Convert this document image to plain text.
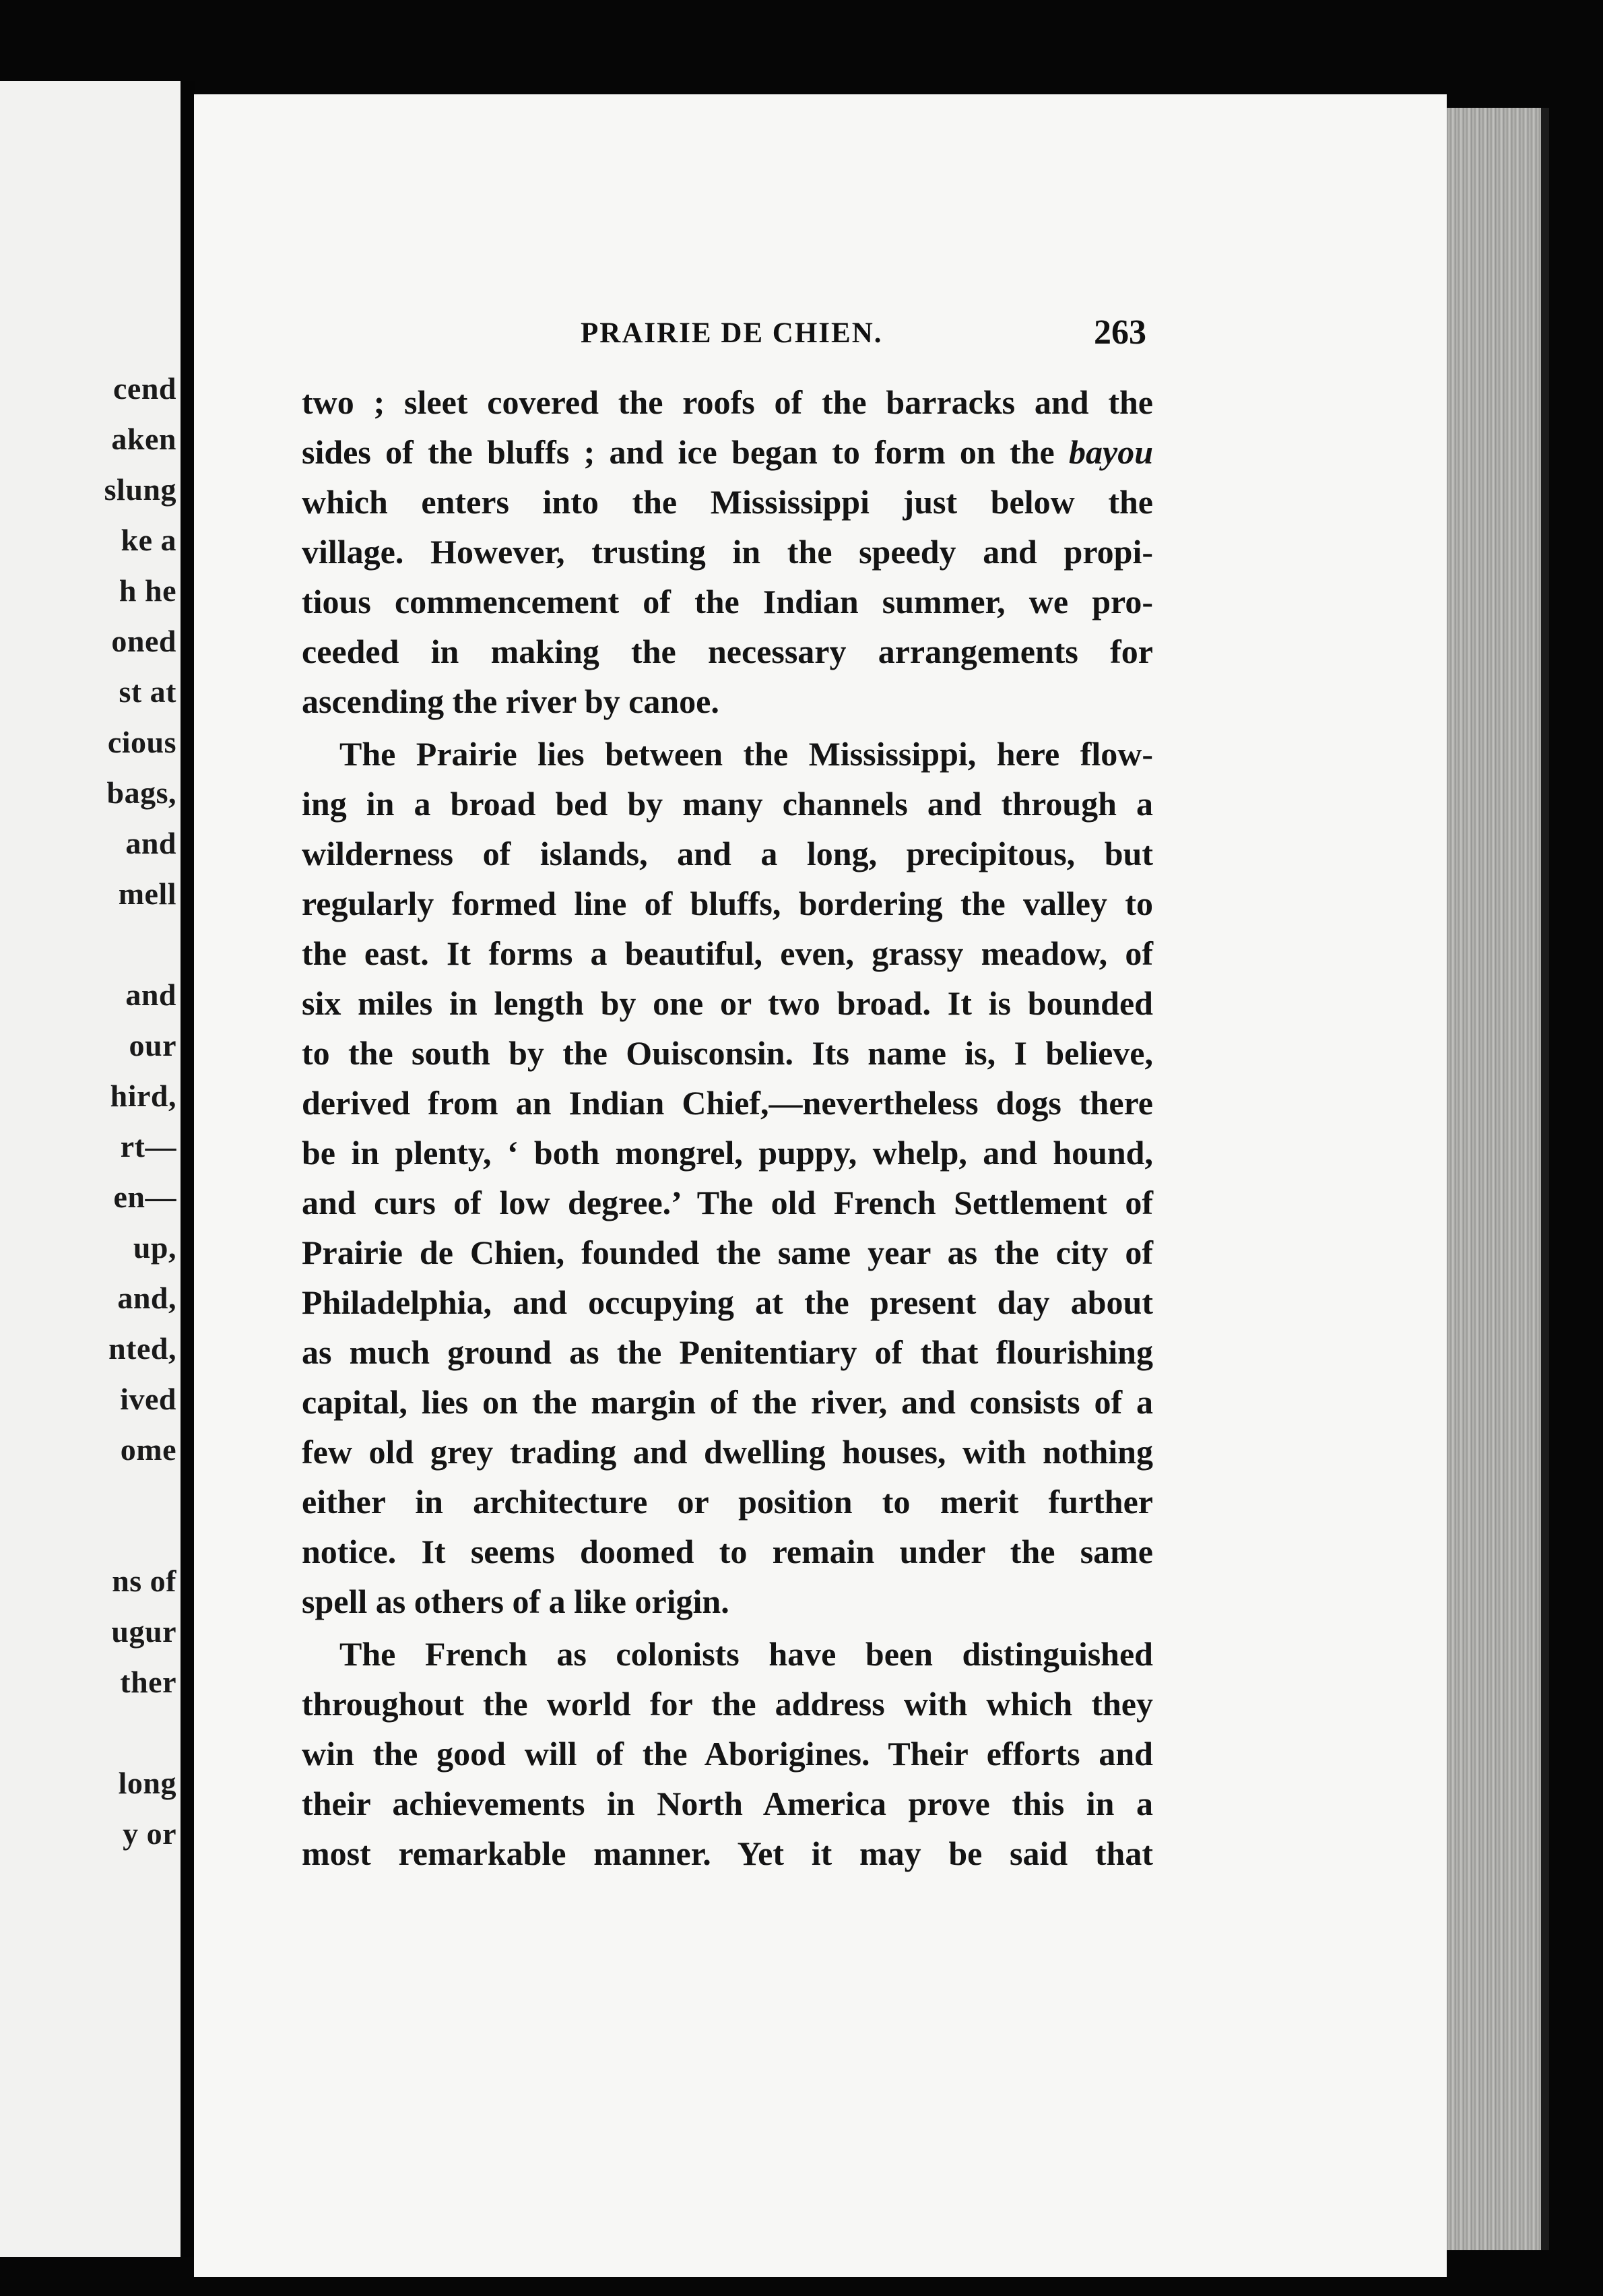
cend
aken
slung
ke a
h he
oned
st at
cious
bags,
and
mell
and
our
hird,
rt—
en—
up,
and,
nted,
ived
ome
ns of
ugur
ther
long
y or
PRAIRIE DE CHIEN.	263
two ; sleet covered the roofs of the barracks and the
sides of the bluffs ; and ice began to form on the bayou
which enters into the Mississippi just below the
village. However, trusting in the speedy and propi-
tious commencement of the Indian summer, we pro-
ceeded in making the necessary arrangements for
ascending the river by canoe.
The Prairie lies between the Mississippi, here flow-
ing in a broad bed by many channels and through a
wilderness of islands, and a long, precipitous, but
regularly formed line of bluffs, bordering the valley to
the east. It forms a beautiful, even, grassy meadow, of
six miles in length by one or two broad. It is bounded
to the south by the Ouisconsin. Its name is, I believe,
derived from an Indian Chief,—nevertheless dogs there
be in plenty, ‘ both mongrel, puppy, whelp, and hound,
and curs of low degree.’ The old French Settlement of
Prairie de Chien, founded the same year as the city of
Philadelphia, and occupying at the present day about
as much ground as the Penitentiary of that flourishing
capital, lies on the margin of the river, and consists of a
few old grey trading and dwelling houses, with nothing
either in architecture or position to merit further
notice. It seems doomed to remain under the same
spell as others of a like origin.
The French as colonists have been distinguished
throughout the world for the address with which they
win the good will of the Aborigines. Their efforts and
their achievements in North America prove this in a
most remarkable manner. Yet it may be said that
